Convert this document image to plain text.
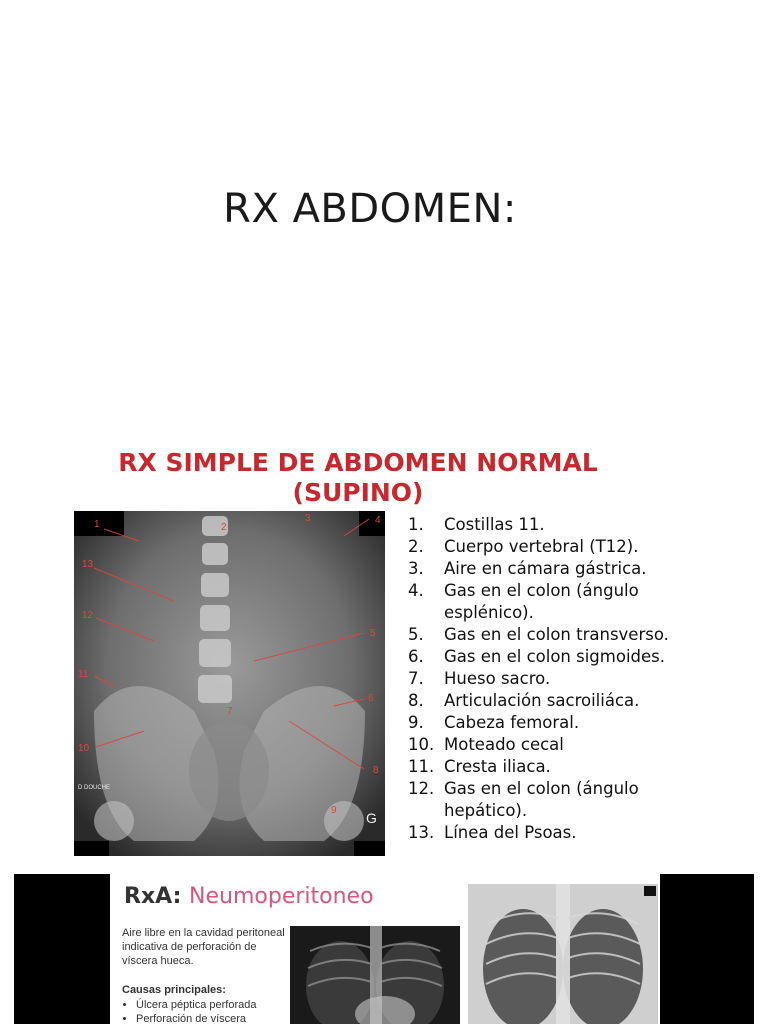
RX ABDOMEN:
RX SIMPLE DE ABDOMEN NORMAL
(SUPINO)
1	2
3	4
5
6
7
8
9
10
11
12
13
D DOUCHE
G
1.	Costillas 11.
2.	Cuerpo vertebral (T12).
3.	Aire en cámara gástrica.
4.	Gas en el colon (ángulo esplénico).
5.	Gas en el colon transverso.
6.	Gas en el colon sigmoides.
7.	Hueso sacro.
8.	Articulación sacroiliáca.
9.	Cabeza femoral.
10. Moteado cecal
11. Cresta iliaca.
12. Gas en el colon (ángulo hepático).
13. Línea del Psoas.
RxA: Neumoperitoneo
Aire libre en la cavidad peritoneal indicativa de perforación de víscera hueca.
Causas principales:
• Úlcera péptica perforada
• Perforación de víscera
